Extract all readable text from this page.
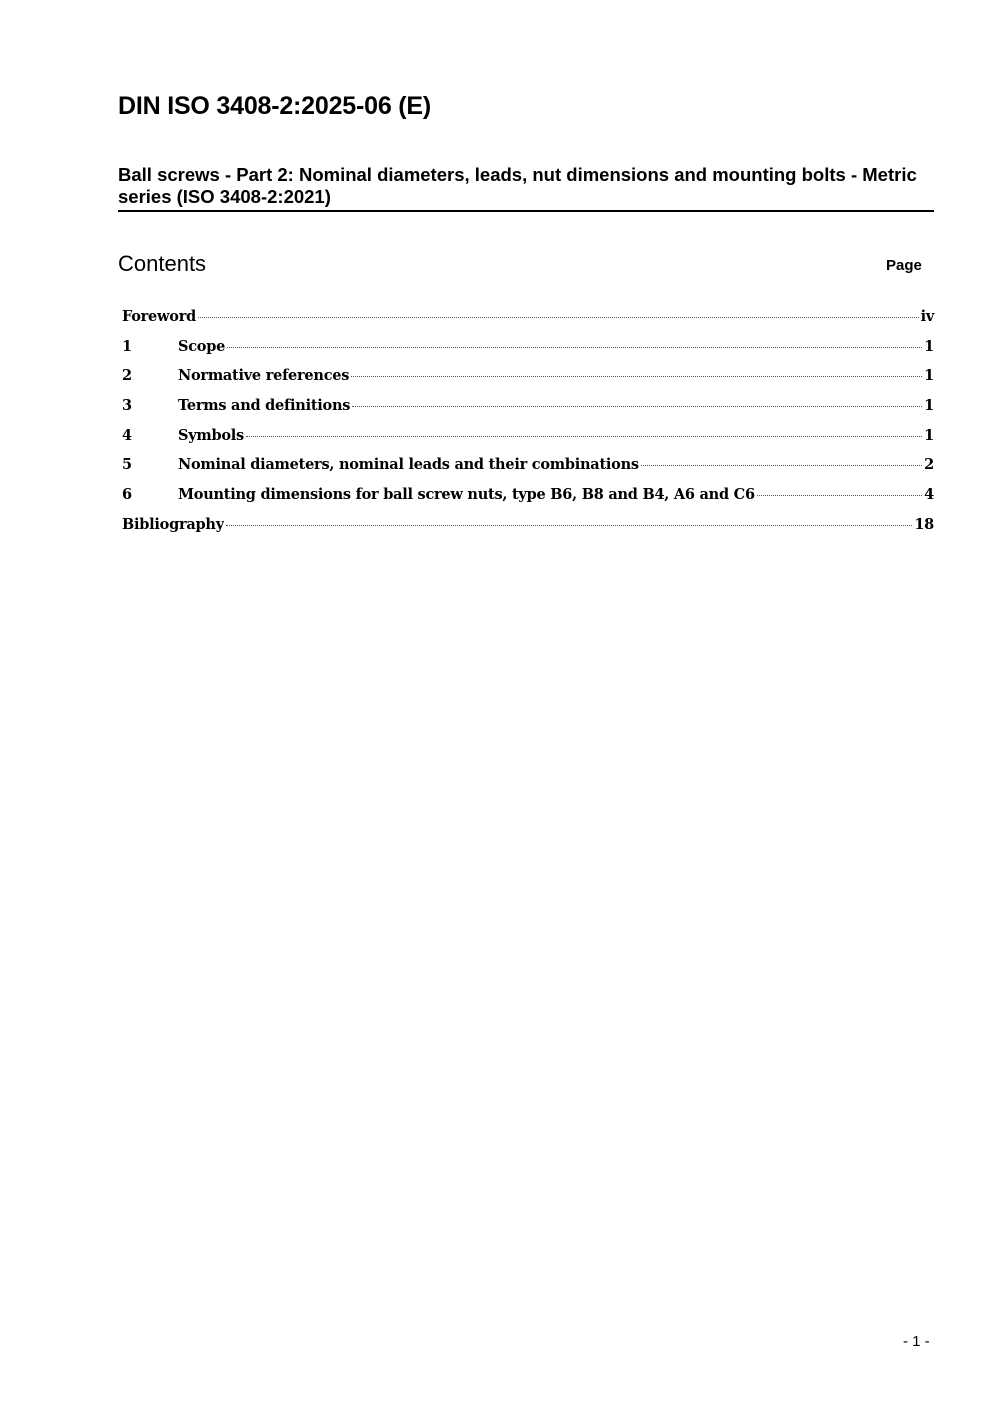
DIN ISO 3408-2:2025-06 (E)
Ball screws - Part 2: Nominal diameters, leads, nut dimensions and mounting bolts - Metric series (ISO 3408-2:2021)
Contents	Page
Foreword	iv
1	Scope	1
2	Normative references	1
3	Terms and definitions	1
4	Symbols	1
5	Nominal diameters, nominal leads and their combinations	2
6	Mounting dimensions for ball screw nuts, type B6, B8 and B4, A6 and C6	4
Bibliography	18
- 1 -
